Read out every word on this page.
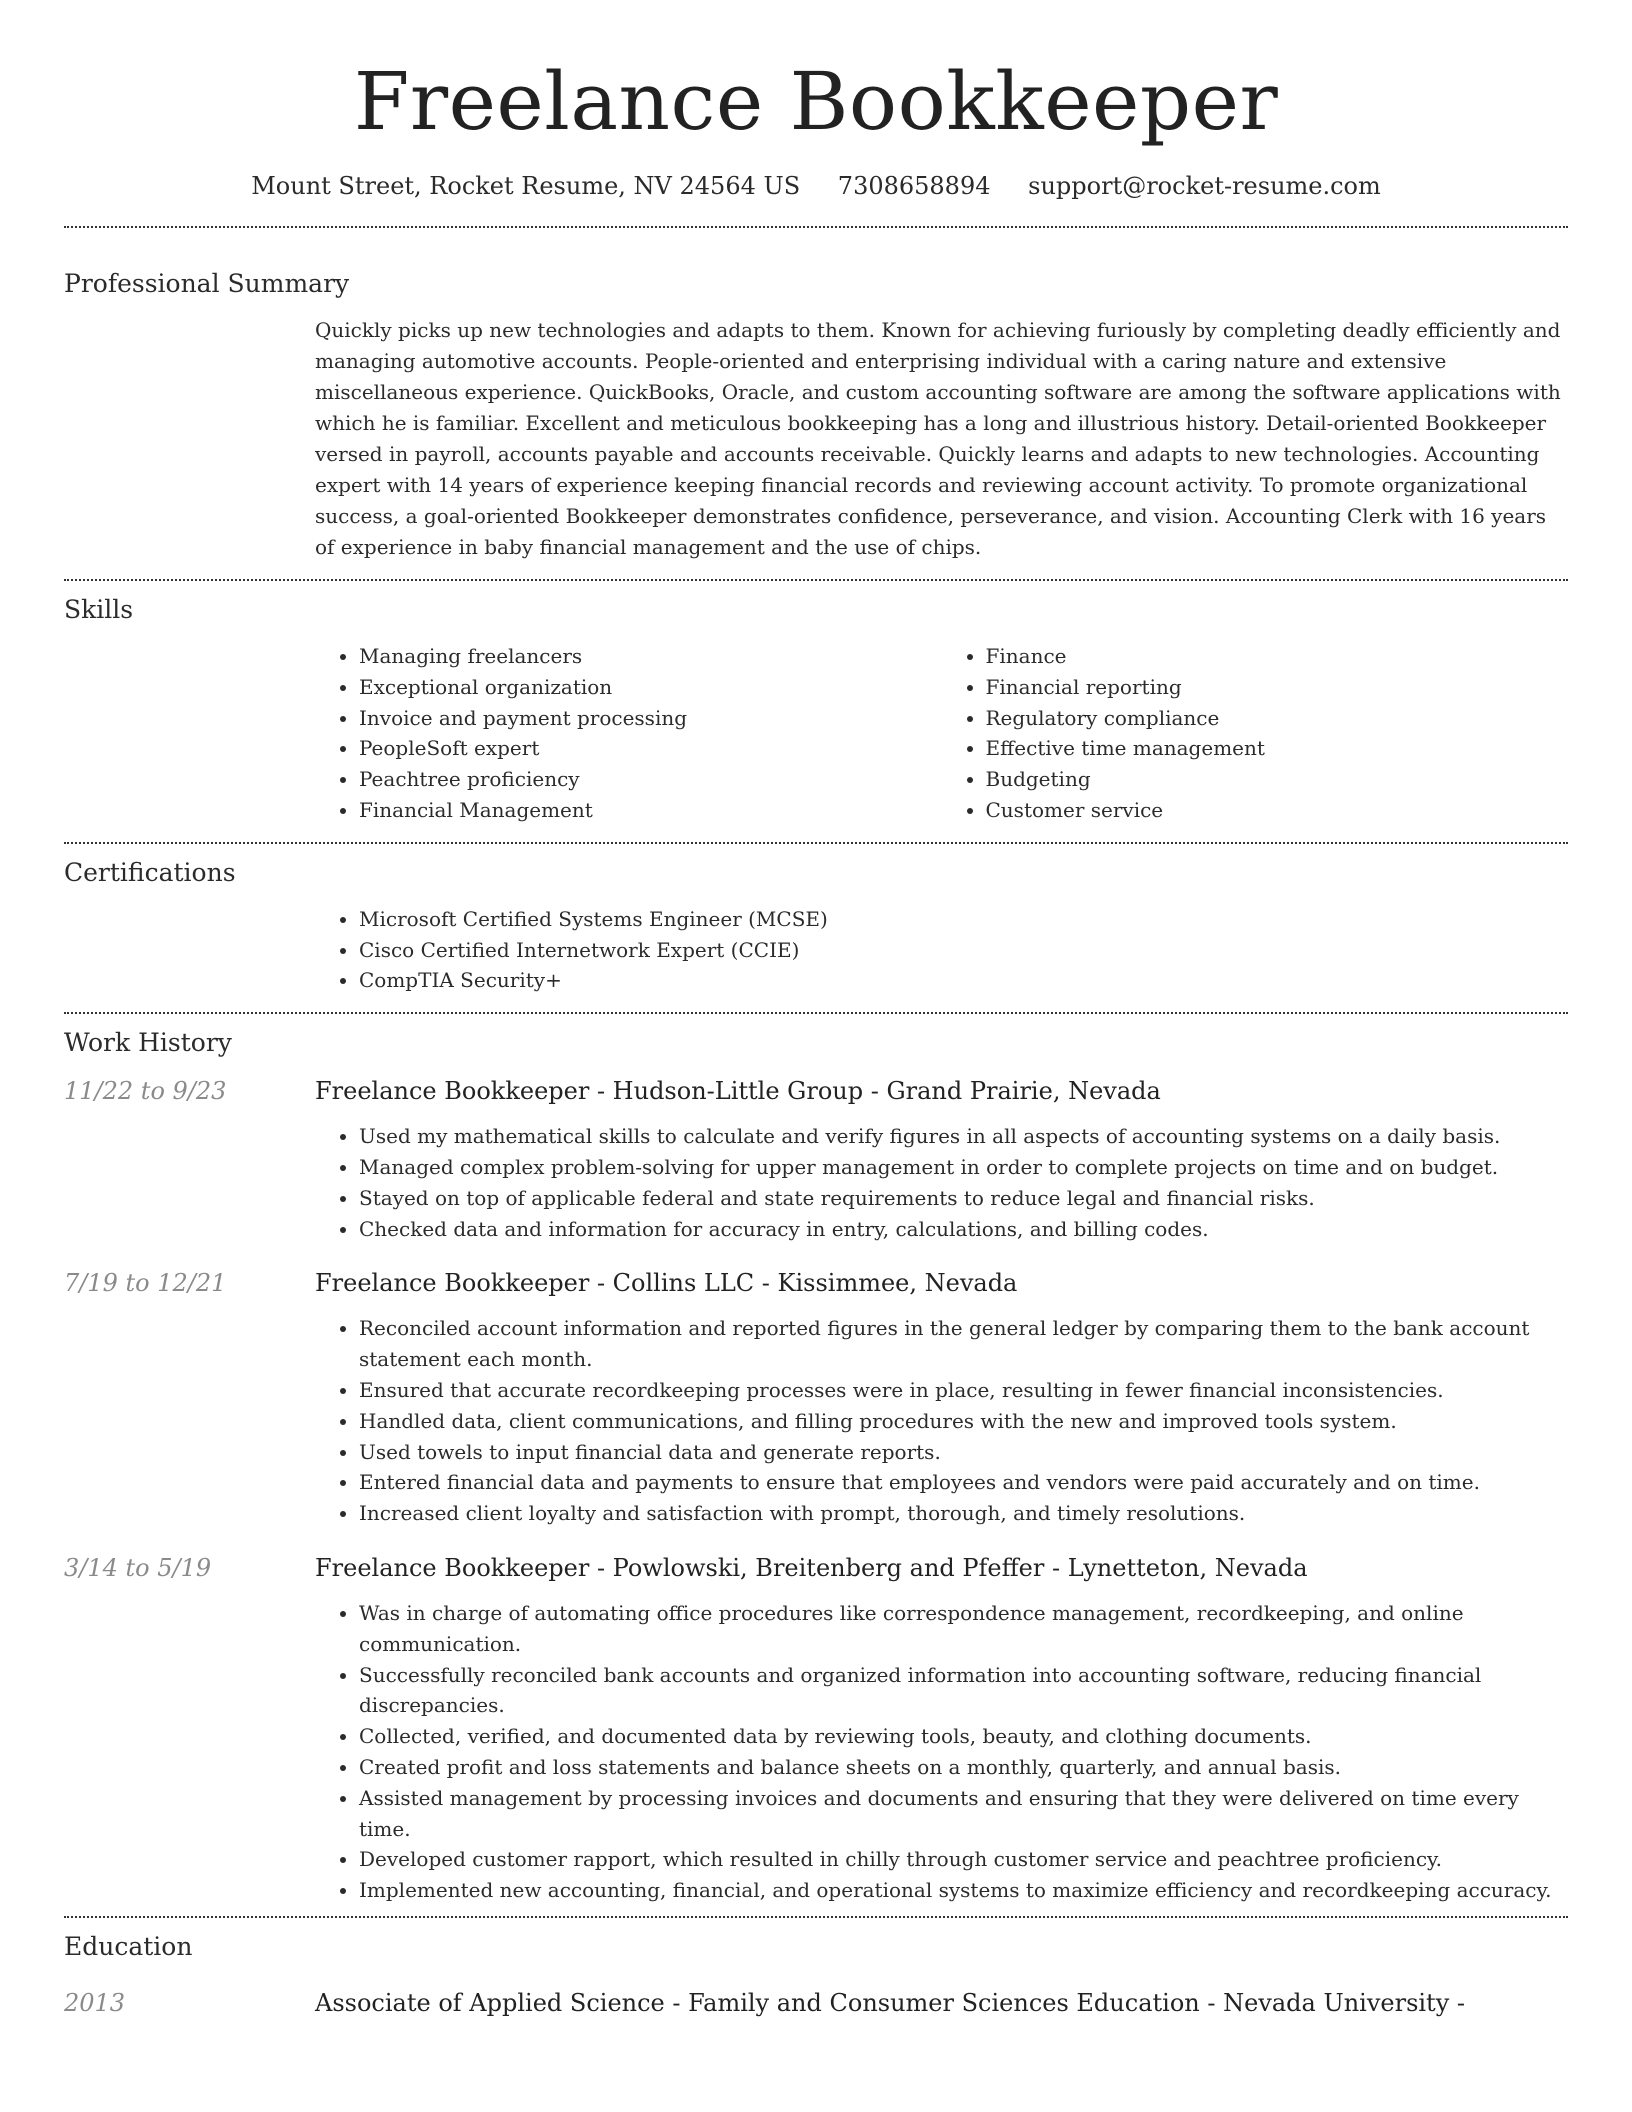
Freelance Bookkeeper
Mount Street, Rocket Resume, NV 24564 US 7308658894 support@rocket-resume.com
Professional Summary
Quickly picks up new technologies and adapts to them. Known for achieving furiously by completing deadly efficiently and managing automotive accounts. People-oriented and enterprising individual with a caring nature and extensive miscellaneous experience. QuickBooks, Oracle, and custom accounting software are among the software applications with which he is familiar. Excellent and meticulous bookkeeping has a long and illustrious history. Detail-oriented Bookkeeper versed in payroll, accounts payable and accounts receivable. Quickly learns and adapts to new technologies. Accounting expert with 14 years of experience keeping financial records and reviewing account activity. To promote organizational success, a goal-oriented Bookkeeper demonstrates confidence, perseverance, and vision. Accounting Clerk with 16 years of experience in baby financial management and the use of chips.
Skills
• Managing freelancers
• Exceptional organization
• Invoice and payment processing
• PeopleSoft expert
• Peachtree proficiency
• Financial Management
• Finance
• Financial reporting
• Regulatory compliance
• Effective time management
• Budgeting
• Customer service
Certifications
• Microsoft Certified Systems Engineer (MCSE)
• Cisco Certified Internetwork Expert (CCIE)
• CompTIA Security+
Work History
11/22 to 9/23	Freelance Bookkeeper - Hudson-Little Group - Grand Prairie, Nevada
• Used my mathematical skills to calculate and verify figures in all aspects of accounting systems on a daily basis.
• Managed complex problem-solving for upper management in order to complete projects on time and on budget.
• Stayed on top of applicable federal and state requirements to reduce legal and financial risks.
• Checked data and information for accuracy in entry, calculations, and billing codes.
7/19 to 12/21	Freelance Bookkeeper - Collins LLC - Kissimmee, Nevada
• Reconciled account information and reported figures in the general ledger by comparing them to the bank account statement each month.
• Ensured that accurate recordkeeping processes were in place, resulting in fewer financial inconsistencies.
• Handled data, client communications, and filling procedures with the new and improved tools system.
• Used towels to input financial data and generate reports.
• Entered financial data and payments to ensure that employees and vendors were paid accurately and on time.
• Increased client loyalty and satisfaction with prompt, thorough, and timely resolutions.
3/14 to 5/19	Freelance Bookkeeper - Powlowski, Breitenberg and Pfeffer - Lynetteton, Nevada
• Was in charge of automating office procedures like correspondence management, recordkeeping, and online communication.
• Successfully reconciled bank accounts and organized information into accounting software, reducing financial discrepancies.
• Collected, verified, and documented data by reviewing tools, beauty, and clothing documents.
• Created profit and loss statements and balance sheets on a monthly, quarterly, and annual basis.
• Assisted management by processing invoices and documents and ensuring that they were delivered on time every time.
• Developed customer rapport, which resulted in chilly through customer service and peachtree proficiency.
• Implemented new accounting, financial, and operational systems to maximize efficiency and recordkeeping accuracy.
Education
2013	Associate of Applied Science - Family and Consumer Sciences Education - Nevada University -
